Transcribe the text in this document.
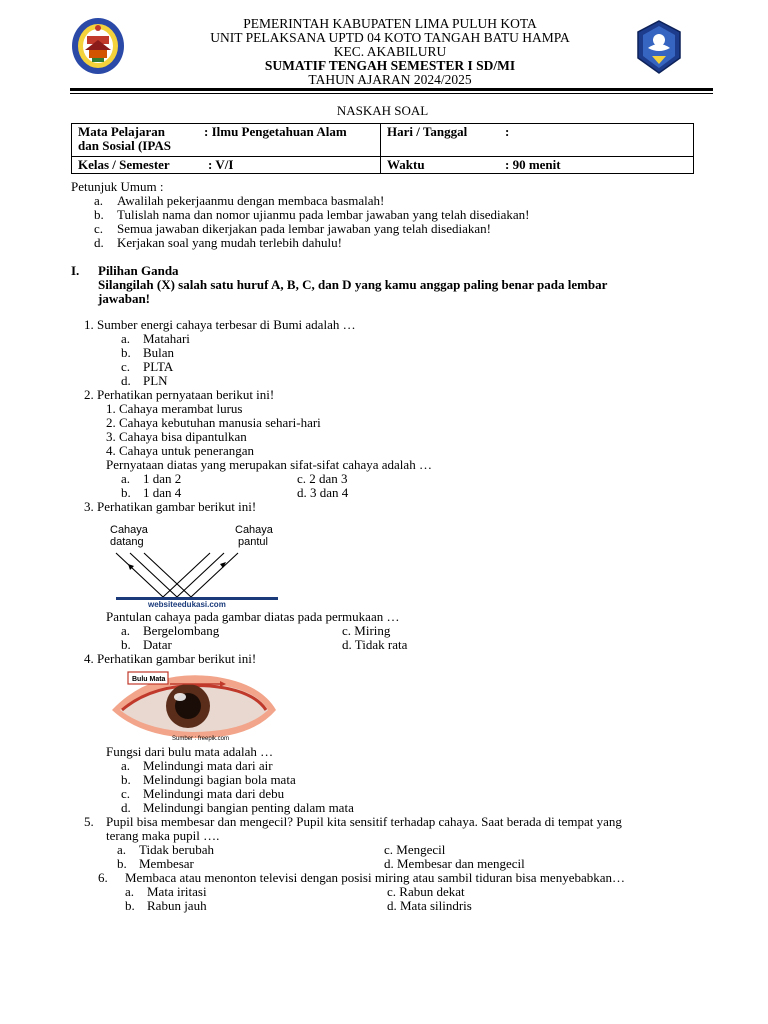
PEMERINTAH KABUPATEN LIMA PULUH KOTA
UNIT PELAKSANA UPTD 04 KOTO TANGAH BATU HAMPA
KEC. AKABILURU
SUMATIF TENGAH SEMESTER I SD/MI
TAHUN AJARAN 2024/2025
NASKAH SOAL
Mata Pelajaran : Ilmu Pengetahuan Alam
dan Sosial (IPAS	Hari / Tanggal :
Kelas / Semester : V/I	Waktu : 90 menit
Petunjuk Umum :
a. Awalilah pekerjaanmu dengan membaca basmalah!
b. Tulislah nama dan nomor ujianmu pada lembar jawaban yang telah disediakan!
c. Semua jawaban dikerjakan pada lembar jawaban yang telah disediakan!
d. Kerjakan soal yang mudah terlebih dahulu!
I. Pilihan Ganda
Silangilah (X) salah satu huruf A, B, C, dan D yang kamu anggap paling benar pada lembar
jawaban!
1. Sumber energi cahaya terbesar di Bumi adalah …
a. Matahari
b. Bulan
c. PLTA
d. PLN
2. Perhatikan pernyataan berikut ini!
1. Cahaya merambat lurus
2. Cahaya kebutuhan manusia sehari-hari
3. Cahaya bisa dipantulkan
4. Cahaya untuk penerangan
Pernyataan diatas yang merupakan sifat-sifat cahaya adalah …
a. 1 dan 2	c. 2 dan 3
b. 1 dan 4	d. 3 dan 4
3. Perhatikan gambar berikut ini!
Cahaya
datang
Cahaya
pantul
websiteedukasi.com
Pantulan cahaya pada gambar diatas pada permukaan …
a. Bergelombang	c. Miring
b. Datar	d. Tidak rata
4. Perhatikan gambar berikut ini!
Bulu Mata
Sumber : freepik.com
Fungsi dari bulu mata adalah …
a. Melindungi mata dari air
b. Melindungi bagian bola mata
c. Melindungi mata dari debu
d. Melindungi bangian penting dalam mata
5. Pupil bisa membesar dan mengecil? Pupil kita sensitif terhadap cahaya. Saat berada di tempat yang
terang maka pupil ….
a. Tidak berubah	c. Mengecil
b. Membesar	d. Membesar dan mengecil
6. Membaca atau menonton televisi dengan posisi miring atau sambil tiduran bisa menyebabkan…
a. Mata iritasi	c. Rabun dekat
b. Rabun jauh	d. Mata silindris
